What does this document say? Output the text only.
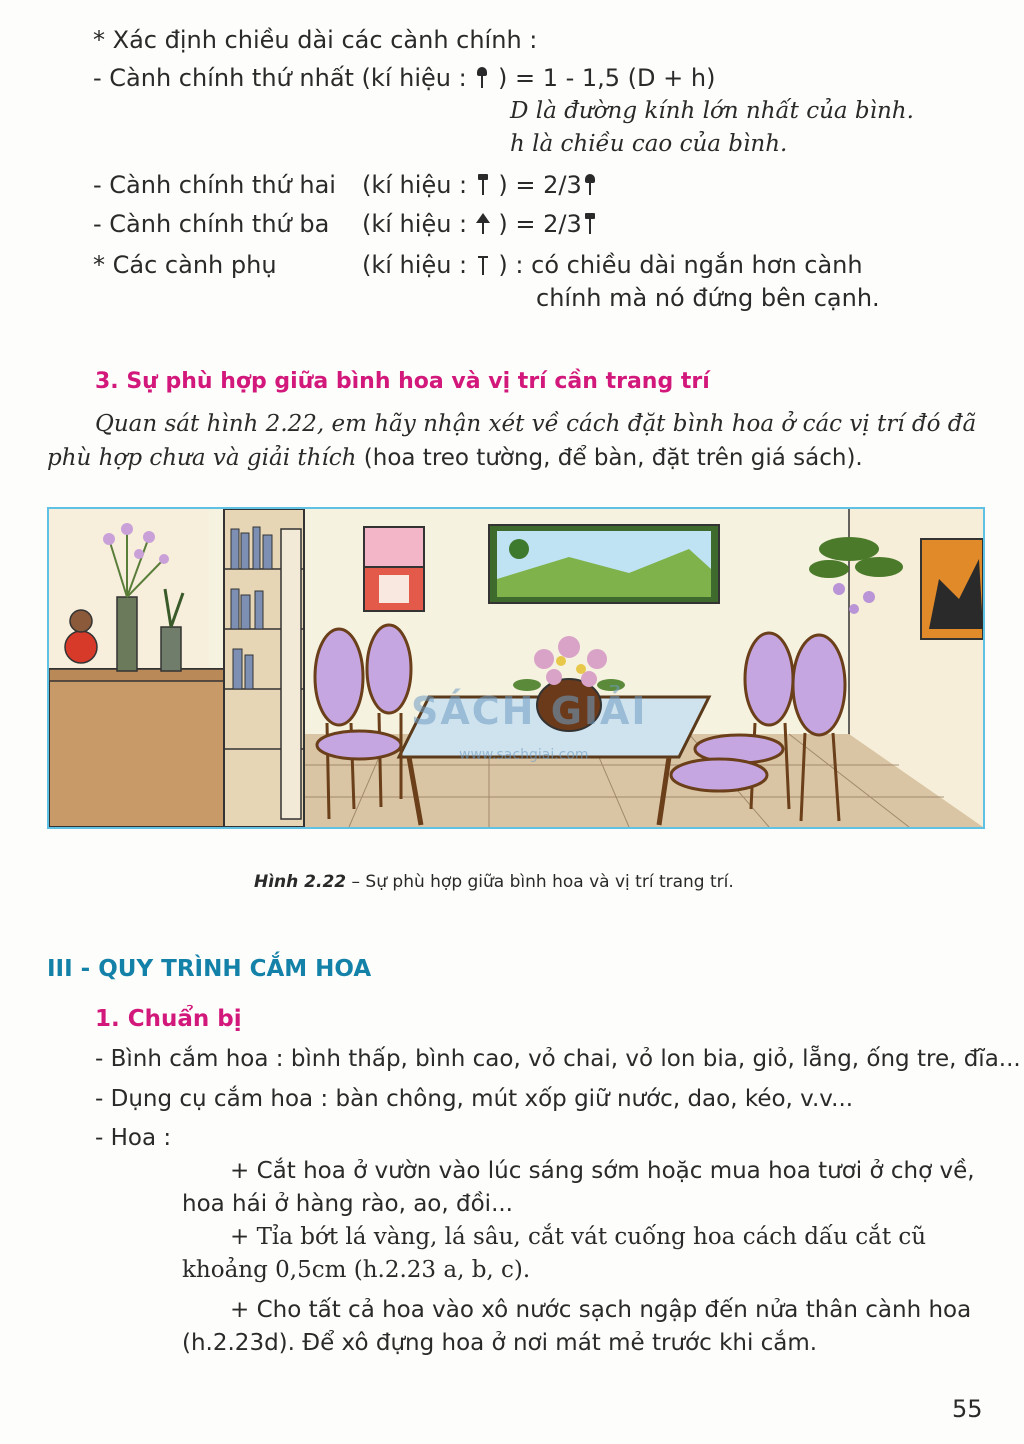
* Xác định chiều dài các cành chính :
- Cành chính thứ nhất (kí hiệu : ) = 1 - 1,5 (D + h)
D là đường kính lớn nhất của bình.
h là chiều cao của bình.
- Cành chính thứ hai (kí hiệu : ) = 2/3
- Cành chính thứ ba (kí hiệu : ) = 2/3
* Các cành phụ	(kí hiệu : ) : có chiều dài ngắn hơn cành
chính mà nó đứng bên cạnh.
3. Sự phù hợp giữa bình hoa và vị trí cần trang trí
Quan sát hình 2.22, em hãy nhận xét về cách đặt bình hoa ở các vị trí đó đã
phù hợp chưa và giải thích (hoa treo tường, để bàn, đặt trên giá sách).
SÁCH GIẢI
www.sachgiai.com
Hình 2.22 – Sự phù hợp giữa bình hoa và vị trí trang trí.
III - QUY TRÌNH CẮM HOA
1. Chuẩn bị
- Bình cắm hoa : bình thấp, bình cao, vỏ chai, vỏ lon bia, giỏ, lẵng, ống tre, đĩa...
- Dụng cụ cắm hoa : bàn chông, mút xốp giữ nước, dao, kéo, v.v...
- Hoa :
+ Cắt hoa ở vườn vào lúc sáng sớm hoặc mua hoa tươi ở chợ về,
hoa hái ở hàng rào, ao, đồi...
+ Tỉa bớt lá vàng, lá sâu, cắt vát cuống hoa cách dấu cắt cũ
khoảng 0,5cm (h.2.23 a, b, c).
+ Cho tất cả hoa vào xô nước sạch ngập đến nửa thân cành hoa
(h.2.23d). Để xô đựng hoa ở nơi mát mẻ trước khi cắm.
55
